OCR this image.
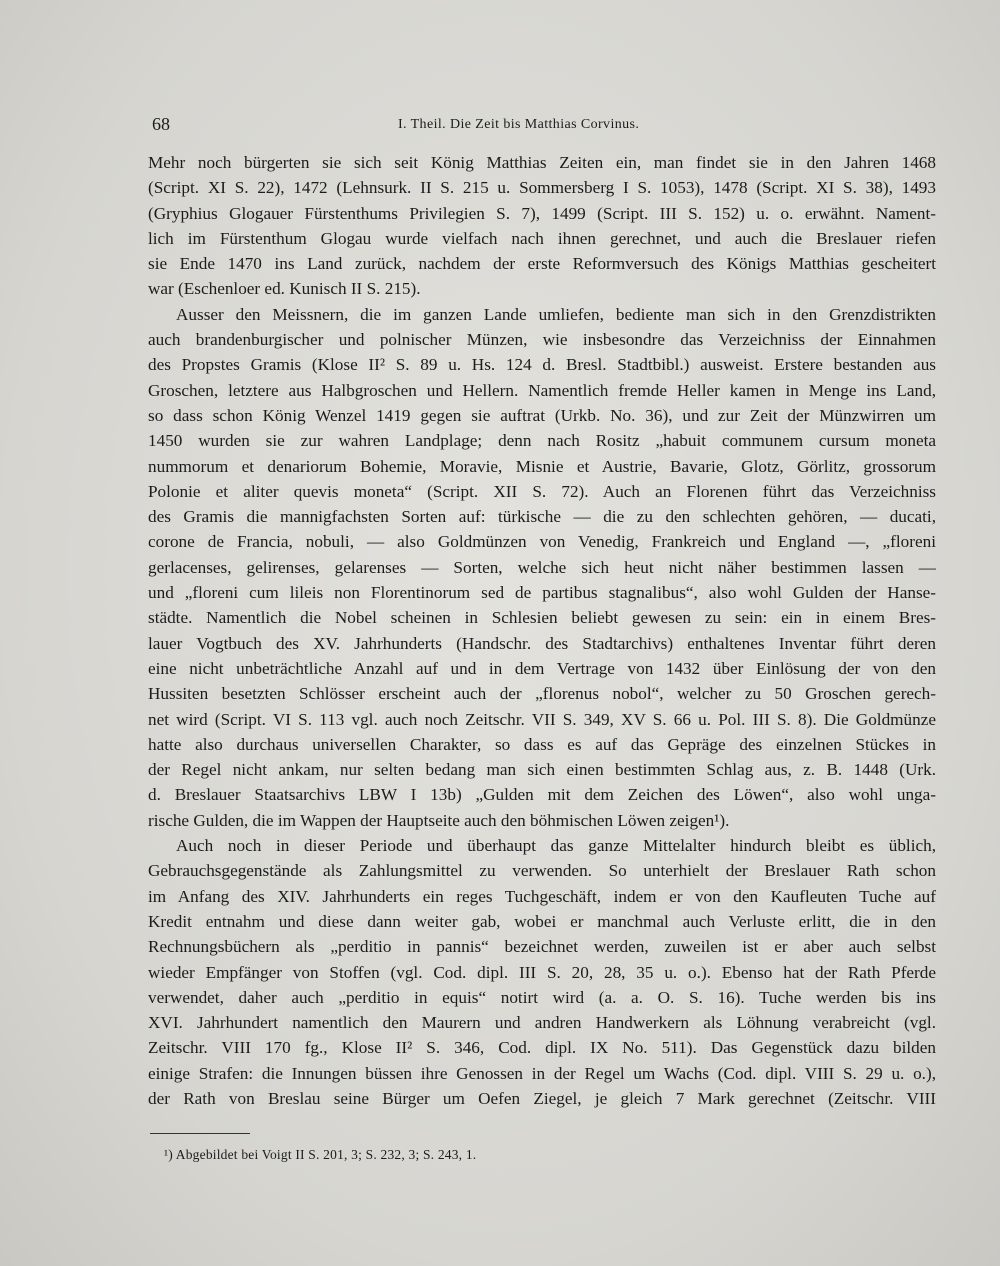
68	I. Theil. Die Zeit bis Matthias Corvinus.
Mehr noch bürgerten sie sich seit König Matthias Zeiten ein, man findet sie in den Jahren 1468
(Script. XI S. 22), 1472 (Lehnsurk. II S. 215 u. Sommersberg I S. 1053), 1478 (Script. XI S. 38), 1493
(Gryphius Glogauer Fürstenthums Privilegien S. 7), 1499 (Script. III S. 152) u. o. erwähnt. Nament-
lich im Fürstenthum Glogau wurde vielfach nach ihnen gerechnet, und auch die Breslauer riefen
sie Ende 1470 ins Land zurück, nachdem der erste Reformversuch des Königs Matthias gescheitert
war (Eschenloer ed. Kunisch II S. 215).
Ausser den Meissnern, die im ganzen Lande umliefen, bediente man sich in den Grenzdistrikten
auch brandenburgischer und polnischer Münzen, wie insbesondre das Verzeichniss der Einnahmen
des Propstes Gramis (Klose II² S. 89 u. Hs. 124 d. Bresl. Stadtbibl.) ausweist. Erstere bestanden aus
Groschen, letztere aus Halbgroschen und Hellern. Namentlich fremde Heller kamen in Menge ins Land,
so dass schon König Wenzel 1419 gegen sie auftrat (Urkb. No. 36), und zur Zeit der Münzwirren um
1450 wurden sie zur wahren Landplage; denn nach Rositz „habuit communem cursum moneta
nummorum et denariorum Bohemie, Moravie, Misnie et Austrie, Bavarie, Glotz, Görlitz, grossorum
Polonie et aliter quevis moneta“ (Script. XII S. 72). Auch an Florenen führt das Verzeichniss
des Gramis die mannigfachsten Sorten auf: türkische — die zu den schlechten gehören, — ducati,
corone de Francia, nobuli, — also Goldmünzen von Venedig, Frankreich und England —, „floreni
gerlacenses, gelirenses, gelarenses — Sorten, welche sich heut nicht näher bestimmen lassen —
und „floreni cum lileis non Florentinorum sed de partibus stagnalibus“, also wohl Gulden der Hanse-
städte. Namentlich die Nobel scheinen in Schlesien beliebt gewesen zu sein: ein in einem Bres-
lauer Vogtbuch des XV. Jahrhunderts (Handschr. des Stadtarchivs) enthaltenes Inventar führt deren
eine nicht unbeträchtliche Anzahl auf und in dem Vertrage von 1432 über Einlösung der von den
Hussiten besetzten Schlösser erscheint auch der „florenus nobol“, welcher zu 50 Groschen gerech-
net wird (Script. VI S. 113 vgl. auch noch Zeitschr. VII S. 349, XV S. 66 u. Pol. III S. 8). Die Goldmünze
hatte also durchaus universellen Charakter, so dass es auf das Gepräge des einzelnen Stückes in
der Regel nicht ankam, nur selten bedang man sich einen bestimmten Schlag aus, z. B. 1448 (Urk.
d. Breslauer Staatsarchivs LBW I 13b) „Gulden mit dem Zeichen des Löwen“, also wohl unga-
rische Gulden, die im Wappen der Hauptseite auch den böhmischen Löwen zeigen¹).
Auch noch in dieser Periode und überhaupt das ganze Mittelalter hindurch bleibt es üblich,
Gebrauchsgegenstände als Zahlungsmittel zu verwenden. So unterhielt der Breslauer Rath schon
im Anfang des XIV. Jahrhunderts ein reges Tuchgeschäft, indem er von den Kaufleuten Tuche auf
Kredit entnahm und diese dann weiter gab, wobei er manchmal auch Verluste erlitt, die in den
Rechnungsbüchern als „perditio in pannis“ bezeichnet werden, zuweilen ist er aber auch selbst
wieder Empfänger von Stoffen (vgl. Cod. dipl. III S. 20, 28, 35 u. o.). Ebenso hat der Rath Pferde
verwendet, daher auch „perditio in equis“ notirt wird (a. a. O. S. 16). Tuche werden bis ins
XVI. Jahrhundert namentlich den Maurern und andren Handwerkern als Löhnung verabreicht (vgl.
Zeitschr. VIII 170 fg., Klose II² S. 346, Cod. dipl. IX No. 511). Das Gegenstück dazu bilden
einige Strafen: die Innungen büssen ihre Genossen in der Regel um Wachs (Cod. dipl. VIII S. 29 u. o.),
der Rath von Breslau seine Bürger um Oefen Ziegel, je gleich 7 Mark gerechnet (Zeitschr. VIII
¹) Abgebildet bei Voigt II S. 201, 3; S. 232, 3; S. 243, 1.
